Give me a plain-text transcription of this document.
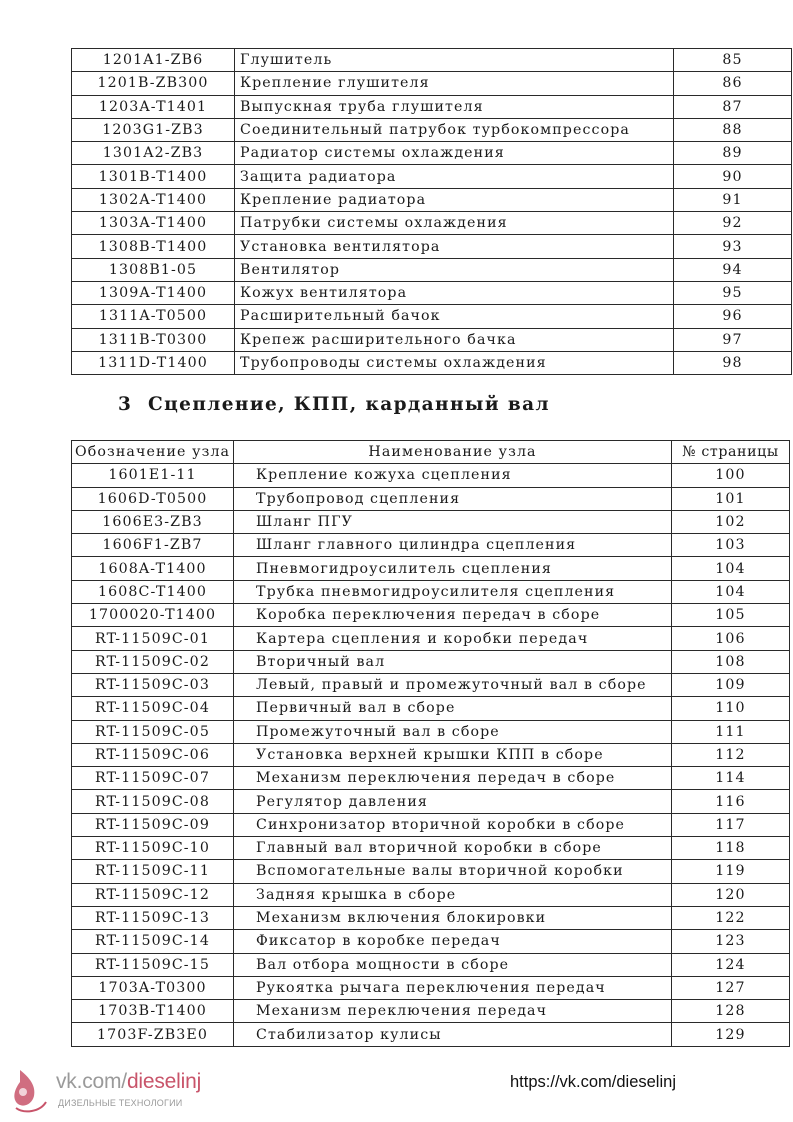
1201A1-ZB6	Глушитель	85
1201B-ZB300	Крепление глушителя	86
1203A-T1401	Выпускная труба глушителя	87
1203G1-ZB3	Соединительный патрубок турбокомпрессора	88
1301A2-ZB3	Радиатор системы охлаждения	89
1301B-T1400	Защита радиатора	90
1302A-T1400	Крепление радиатора	91
1303A-T1400	Патрубки системы охлаждения	92
1308B-T1400	Установка вентилятора	93
1308B1-05	Вентилятор	94
1309A-T1400	Кожух вентилятора	95
1311A-T0500	Расширительный бачок	96
1311B-T0300	Крепеж расширительного бачка	97
1311D-T1400	Трубопроводы системы охлаждения	98
3 Сцепление, КПП, карданный вал
Обозначение узла	Наименование узла	№ страницы
1601E1-11	Крепление кожуха сцепления	100
1606D-T0500	Трубопровод сцепления	101
1606E3-ZB3	Шланг ПГУ	102
1606F1-ZB7	Шланг главного цилиндра сцепления	103
1608A-T1400	Пневмогидроусилитель сцепления	104
1608C-T1400	Трубка пневмогидроусилителя сцепления	104
1700020-T1400	Коробка переключения передач в сборе	105
RT-11509C-01	Картера сцепления и коробки передач	106
RT-11509C-02	Вторичный вал	108
RT-11509C-03	Левый, правый и промежуточный вал в сборе	109
RT-11509C-04	Первичный вал в сборе	110
RT-11509C-05	Промежуточный вал в сборе	111
RT-11509C-06	Установка верхней крышки КПП в сборе	112
RT-11509C-07	Механизм переключения передач в сборе	114
RT-11509C-08	Регулятор давления	116
RT-11509C-09	Синхронизатор вторичной коробки в сборе	117
RT-11509C-10	Главный вал вторичной коробки в сборе	118
RT-11509C-11	Вспомогательные валы вторичной коробки	119
RT-11509C-12	Задняя крышка в сборе	120
RT-11509C-13	Механизм включения блокировки	122
RT-11509C-14	Фиксатор в коробке передач	123
RT-11509C-15	Вал отбора мощности в сборе	124
1703A-T0300	Рукоятка рычага переключения передач	127
1703B-T1400	Механизм переключения передач	128
1703F-ZB3E0	Стабилизатор кулисы	129
vk.com/dieselinj
ДИЗЕЛЬНЫЕ ТЕХНОЛОГИИ
https://vk.com/dieselinj
